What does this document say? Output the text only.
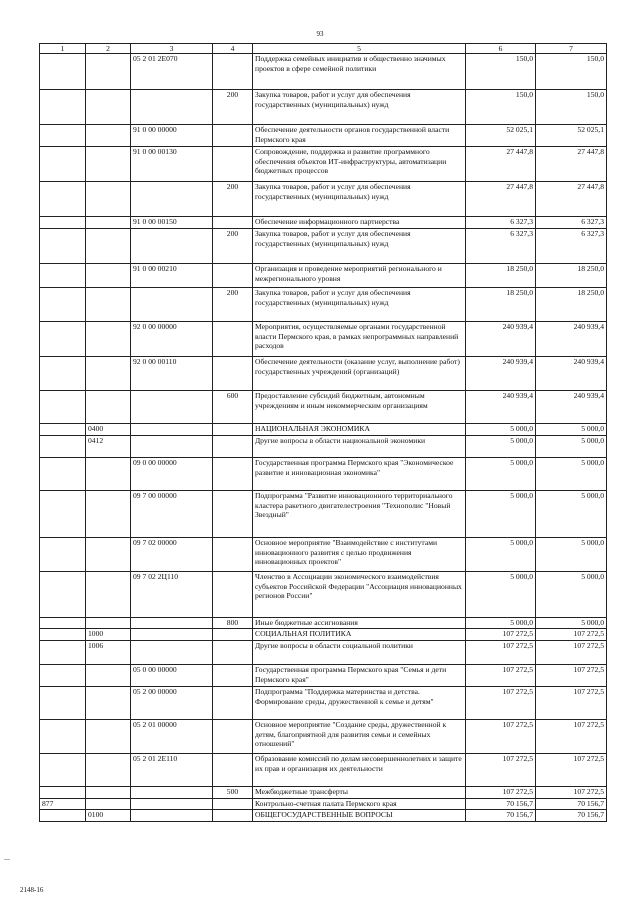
93
1	2	3	4	5	6	7
		05 2 01 2Е070		Поддержка семейных инициатив и общественно значимых проектов в сфере семейной политики	150,0	150,0
			200	Закупка товаров, работ и услуг для обеспечения государственных (муниципальных) нужд	150,0	150,0
		91 0 00 00000		Обеспечение деятельности органов государственной власти Пермского края	52 025,1	52 025,1
		91 0 00 00130		Сопровождение, поддержка и развитие программного обеспечения объектов ИТ-инфраструктуры, автоматизации бюджетных процессов	27 447,8	27 447,8
			200	Закупка товаров, работ и услуг для обеспечения государственных (муниципальных) нужд	27 447,8	27 447,8
		91 0 00 00150		Обеспечение информационного партнерства	6 327,3	6 327,3
			200	Закупка товаров, работ и услуг для обеспечения государственных (муниципальных) нужд	6 327,3	6 327,3
		91 0 00 00210		Организация и проведение мероприятий регионального и межрегионального уровня	18 250,0	18 250,0
			200	Закупка товаров, работ и услуг для обеспечения государственных (муниципальных) нужд	18 250,0	18 250,0
		92 0 00 00000		Мероприятия, осуществляемые органами государственной власти Пермского края, в рамках непрограммных направлений расходов	240 939,4	240 939,4
		92 0 00 00110		Обеспечение деятельности (оказание услуг, выполнение работ) государственных учреждений (организаций)	240 939,4	240 939,4
			600	Предоставление субсидий бюджетным, автономным учреждениям и иным некоммерческим организациям	240 939,4	240 939,4
	0400			НАЦИОНАЛЬНАЯ ЭКОНОМИКА	5 000,0	5 000,0
	0412			Другие вопросы в области национальной экономики	5 000,0	5 000,0
		09 0 00 00000		Государственная программа Пермского края "Экономическое развитие и инновационная экономика"	5 000,0	5 000,0
		09 7 00 00000		Подпрограмма "Развитие инновационного территориального кластера ракетного двигателестроения "Технополис "Новый Звездный"	5 000,0	5 000,0
		09 7 02 00000		Основное мероприятие "Взаимодействие с институтами инновационного развития с целью продвижения инновационных проектов"	5 000,0	5 000,0
		09 7 02 2Ц110		Членство в Ассоциации экономического взаимодействия субъектов Российской Федерации "Ассоциация инновационных регионов России"	5 000,0	5 000,0
			800	Иные бюджетные ассигнования	5 000,0	5 000,0
	1000			СОЦИАЛЬНАЯ ПОЛИТИКА	107 272,5	107 272,5
	1006			Другие вопросы в области социальной политики	107 272,5	107 272,5
		05 0 00 00000		Государственная программа Пермского края "Семья и дети Пермского края"	107 272,5	107 272,5
		05 2 00 00000		Подпрограмма "Поддержка материнства и детства. Формирование среды, дружественной к семье и детям"	107 272,5	107 272,5
		05 2 01 00000		Основное мероприятие "Создание среды, дружественной к детям, благоприятной для развития семьи и семейных отношений"	107 272,5	107 272,5
		05 2 01 2Е110		Образование комиссий по делам несовершеннолетних и защите их прав и организация их деятельности	107 272,5	107 272,5
			500	Межбюджетные трансферты	107 272,5	107 272,5
877				Контрольно-счетная палата Пермского края	70 156,7	70 156,7
	0100			ОБЩЕГОСУДАРСТВЕННЫЕ ВОПРОСЫ	70 156,7	70 156,7
—
2148-16
